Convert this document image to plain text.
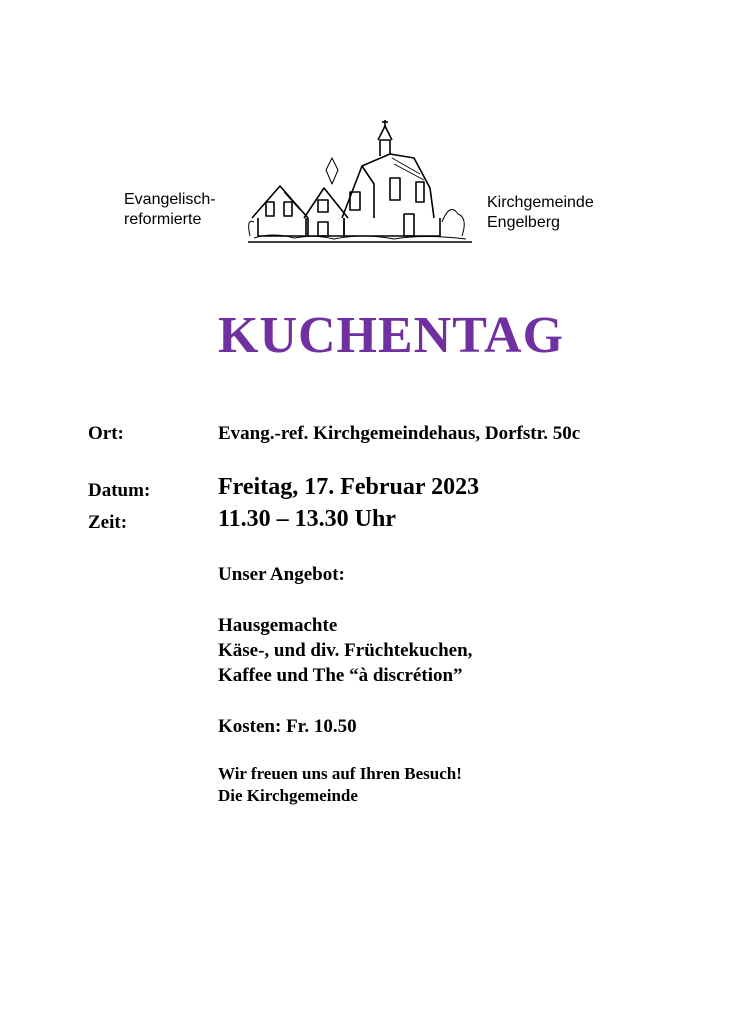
Evangelisch-
reformierte
Kirchgemeinde
Engelberg
KUCHENTAG
Ort:	Evang.-ref. Kirchgemeindehaus, Dorfstr. 50c
Datum:	Freitag, 17. Februar 2023
Zeit:	11.30 – 13.30 Uhr
Unser Angebot:
Hausgemachte
Käse-, und div. Früchtekuchen,
Kaffee und The “à discrétion”
Kosten: Fr. 10.50
Wir freuen uns auf Ihren Besuch!
Die Kirchgemeinde
